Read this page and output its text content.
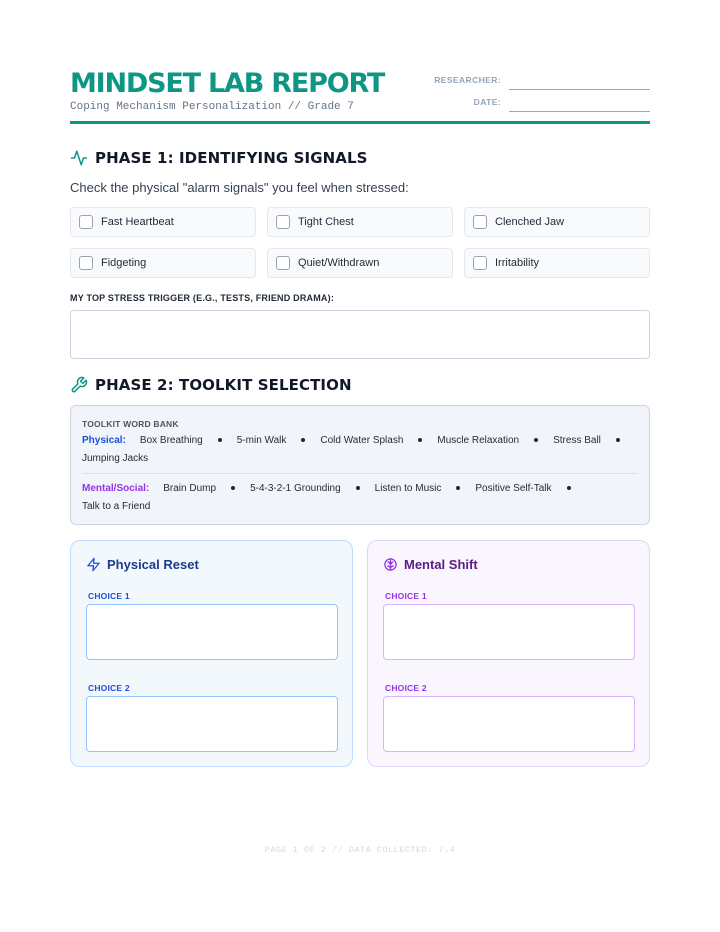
MINDSET LAB REPORT
Coping Mechanism Personalization // Grade 7
RESEARCHER:
DATE:
PHASE 1: IDENTIFYING SIGNALS
Check the physical "alarm signals" you feel when stressed:
Fast Heartbeat	Tight Chest	Clenched Jaw
Fidgeting	Quiet/Withdrawn	Irritability
MY TOP STRESS TRIGGER (E.G., TESTS, FRIEND DRAMA):
PHASE 2: TOOLKIT SELECTION
TOOLKIT WORD BANK
Physical: Box Breathing	5-min Walk	Cold Water Splash	Muscle Relaxation	Stress Ball
Jumping Jacks
Mental/Social: Brain Dump	5-4-3-2-1 Grounding	Listen to Music	Positive Self-Talk
Talk to a Friend
Physical Reset
CHOICE 1
CHOICE 2
Mental Shift
CHOICE 1
CHOICE 2
PAGE 1 OF 2 // DATA COLLECTED: 7.4
